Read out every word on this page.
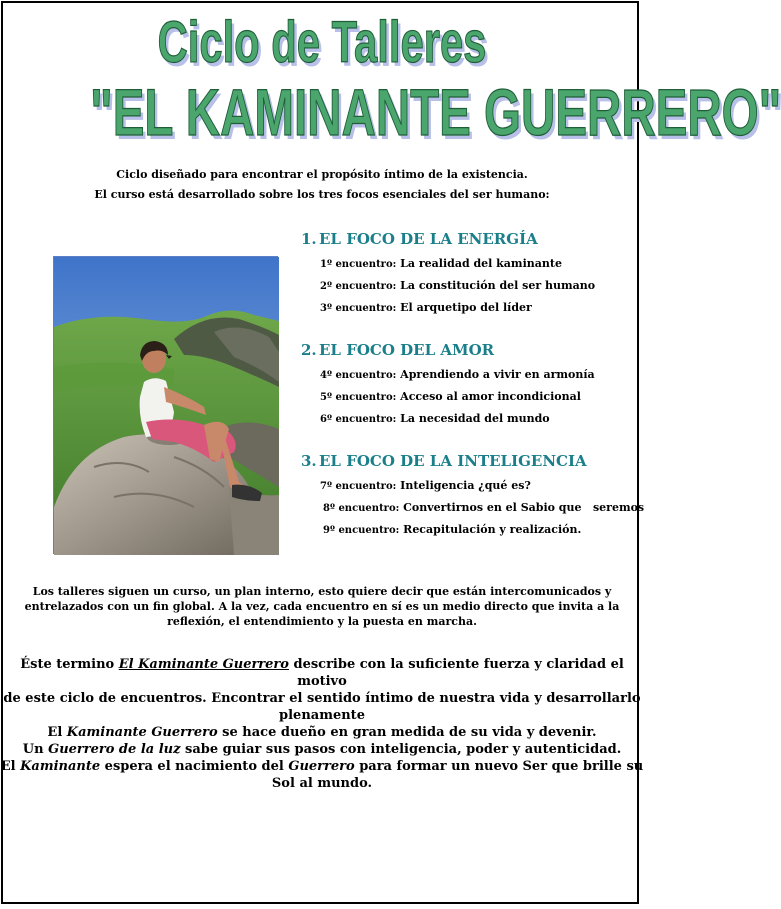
Ciclo de Talleres
"EL KAMINANTE GUERRERO"

Ciclo diseñado para encontrar el propósito íntimo de la existencia.

El curso está desarrollado sobre los tres focos esenciales del ser humano:

1. EL FOCO DE LA ENERGÍA
1º encuentro: La realidad del kaminante
2º encuentro: La constitución del ser humano
3º encuentro: El arquetipo del líder
2. EL FOCO DEL AMOR
4º encuentro: Aprendiendo a vivir en armonía
5º encuentro: Acceso al amor incondicional
6º encuentro: La necesidad del mundo
3. EL FOCO DE LA INTELIGENCIA
7º encuentro: Inteligencia ¿qué es?
8º encuentro: Convertirnos en el Sabio que   seremos
9º encuentro: Recapitulación y realización.

Los talleres siguen un curso, un plan interno, esto quiere decir que están intercomunicados y
entrelazados con un fin global. A la vez, cada encuentro en sí es un medio directo que invita a la
reflexión, el entendimiento y la puesta en marcha.

Éste termino El Kaminante Guerrero describe con la suficiente fuerza y claridad el motivo
de este ciclo de encuentros. Encontrar el sentido íntimo de nuestra vida y desarrollarlo
plenamente

El Kaminante Guerrero se hace dueño en gran medida de su vida y devenir.
Un Guerrero de la luz sabe guiar sus pasos con inteligencia, poder y autenticidad.
El Kaminante espera el nacimiento del Guerrero para formar un nuevo Ser que brille su
Sol al mundo.
